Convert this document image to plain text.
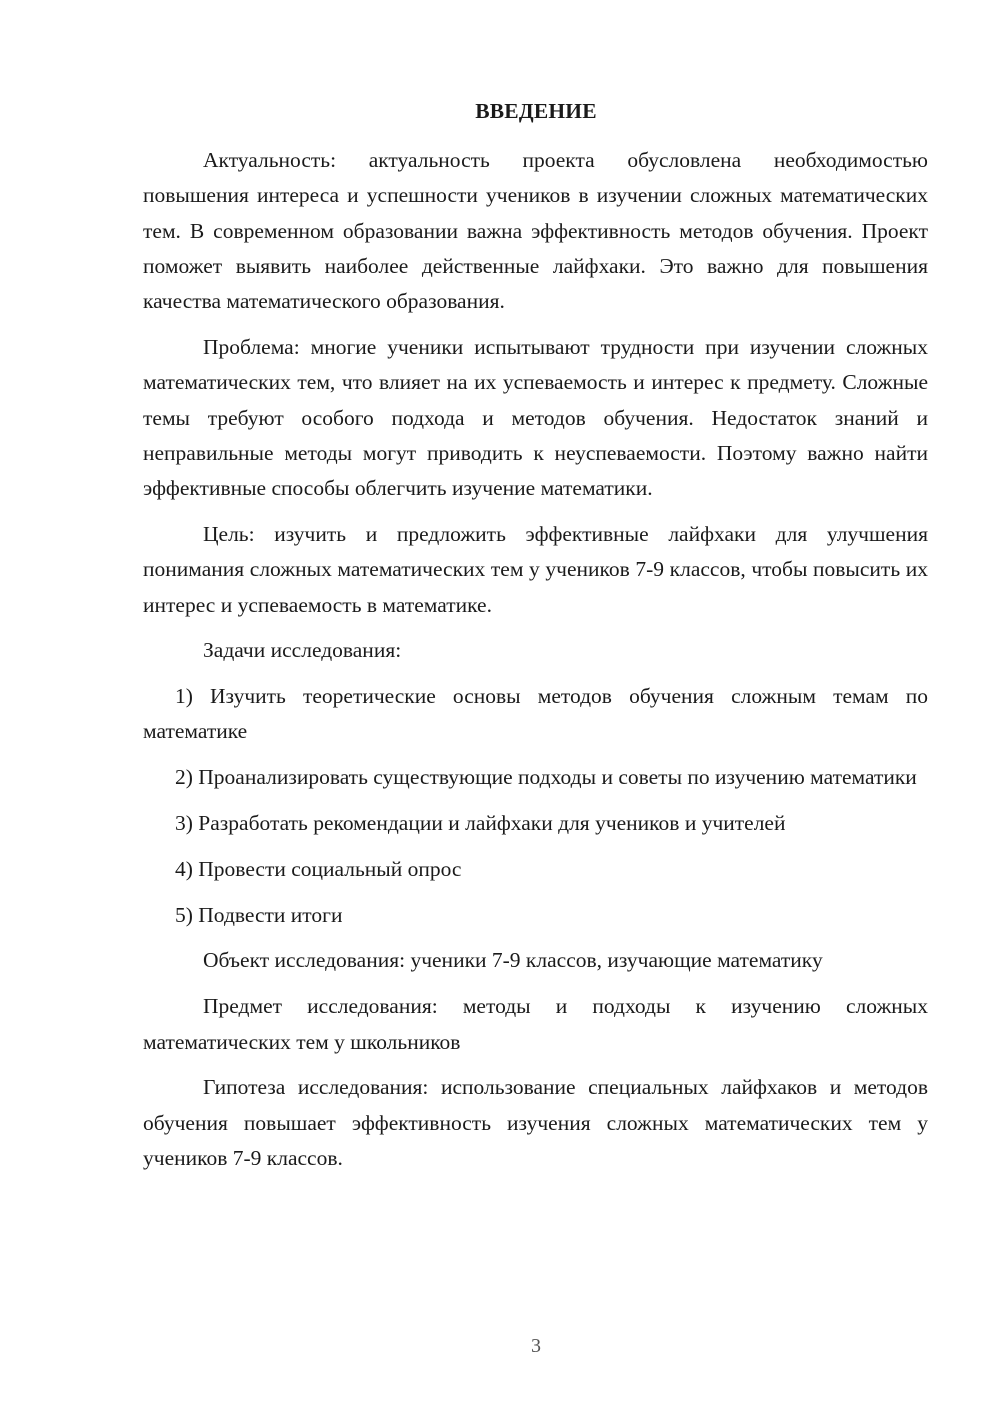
ВВЕДЕНИЕ

Актуальность: актуальность проекта обусловлена необходимостью повышения интереса и успешности учеников в изучении сложных математических тем. В современном образовании важна эффективность методов обучения. Проект поможет выявить наиболее действенные лайфхаки. Это важно для повышения качества математического образования.

Проблема: многие ученики испытывают трудности при изучении сложных математических тем, что влияет на их успеваемость и интерес к предмету. Сложные темы требуют особого подхода и методов обучения. Недостаток знаний и неправильные методы могут приводить к неуспеваемости. Поэтому важно найти эффективные способы облегчить изучение математики.

Цель: изучить и предложить эффективные лайфхаки для улучшения понимания сложных математических тем у учеников 7-9 классов, чтобы повысить их интерес и успеваемость в математике.

Задачи исследования:

1) Изучить теоретические основы методов обучения сложным темам по математике

2) Проанализировать существующие подходы и советы по изучению математики

3) Разработать рекомендации и лайфхаки для учеников и учителей

4) Провести социальный опрос

5) Подвести итоги

Объект исследования: ученики 7-9 классов, изучающие математику

Предмет исследования: методы и подходы к изучению сложных математических тем у школьников

Гипотеза исследования: использование специальных лайфхаков и методов обучения повышает эффективность изучения сложных математических тем у учеников 7-9 классов.

3
